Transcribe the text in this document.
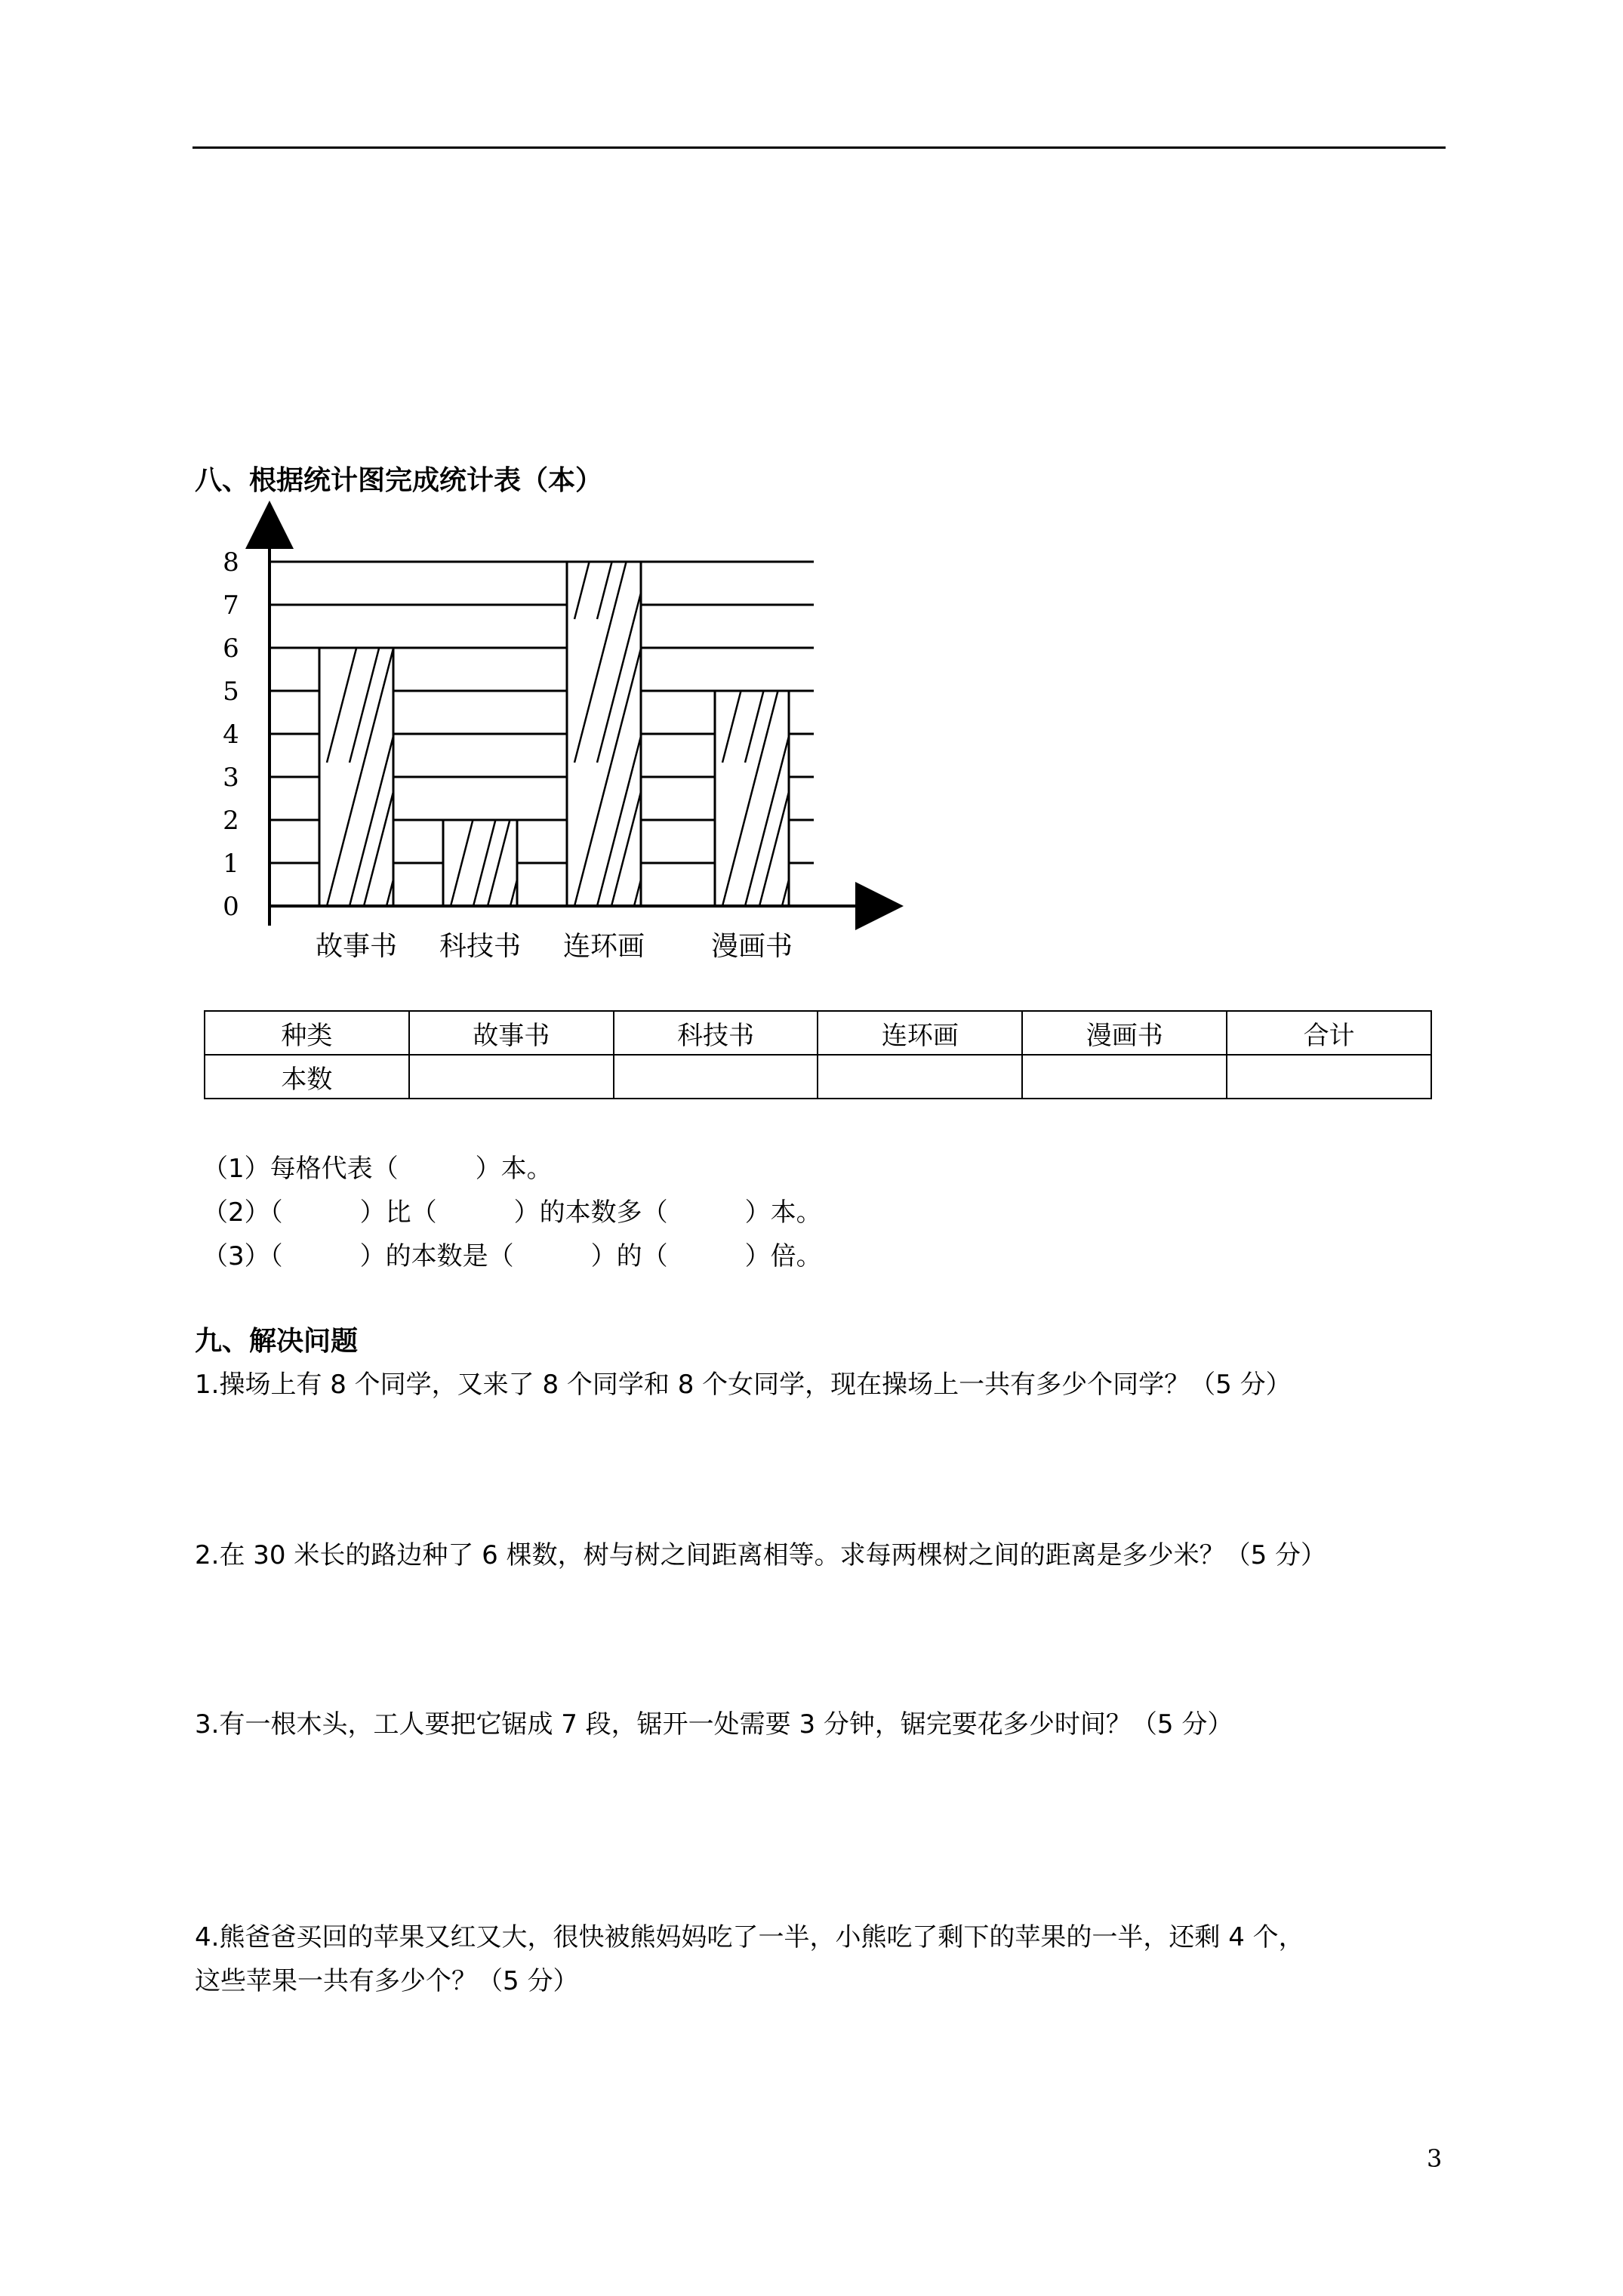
八、根据统计图完成统计表（本）
0
1
2
3
4
5
6
7
8
故事书 科技书 连环画 漫画书
种类	故事书	科技书	连环画	漫画书	合计
本数					
（1）每格代表（　　　）本。
（2）（　　　）比（　　　）的本数多（　　　）本。
（3）（　　　）的本数是（　　　）的（　　　）倍。
九、解决问题
1.操场上有 8 个同学，又来了 8 个同学和 8 个女同学，现在操场上一共有多少个同学？（5 分）
2.在 30 米长的路边种了 6 棵数，树与树之间距离相等。求每两棵树之间的距离是多少米？（5 分）
3.有一根木头，工人要把它锯成 7 段，锯开一处需要 3 分钟，锯完要花多少时间？（5 分）
4.熊爸爸买回的苹果又红又大，很快被熊妈妈吃了一半，小熊吃了剩下的苹果的一半，还剩 4 个，
这些苹果一共有多少个？（5 分）
3
